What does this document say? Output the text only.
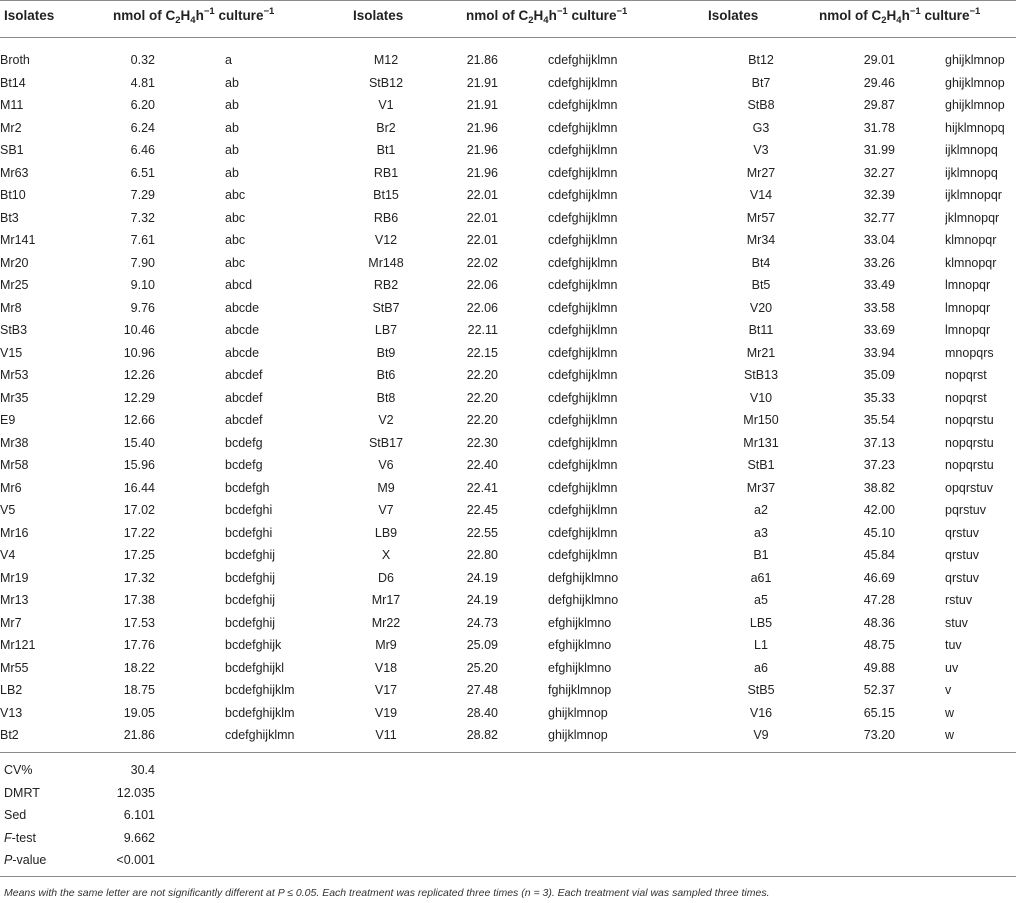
Isolates	nmol of $C_2H_4h^{-1}$ culture$^{-1}$	Isolates	nmol of $C_2H_4h^{-1}$ culture$^{-1}$	Isolates	nmol of $C_2H_4h^{-1}$ culture$^{-1}$
Broth	0.32		a	M12	21.86		cdefghijklmn	Bt12	29.01		ghijklmnop
Bt14	4.81		ab	StB12	21.91		cdefghijklmn	Bt7	29.46		ghijklmnop
M11	6.20		ab	V1	21.91		cdefghijklmn	StB8	29.87		ghijklmnop
Mr2	6.24		ab	Br2	21.96		cdefghijklmn	G3	31.78		hijklmnopq
SB1	6.46		ab	Bt1	21.96		cdefghijklmn	V3	31.99		ijklmnopq
Mr63	6.51		ab	RB1	21.96		cdefghijklmn	Mr27	32.27		ijklmnopq
Bt10	7.29		abc	Bt15	22.01		cdefghijklmn	V14	32.39		ijklmnopqr
Bt3	7.32		abc	RB6	22.01		cdefghijklmn	Mr57	32.77		jklmnopqr
Mr141	7.61		abc	V12	22.01		cdefghijklmn	Mr34	33.04		klmnopqr
Mr20	7.90		abc	Mr148	22.02		cdefghijklmn	Bt4	33.26		klmnopqr
Mr25	9.10		abcd	RB2	22.06		cdefghijklmn	Bt5	33.49		lmnopqr
Mr8	9.76		abcde	StB7	22.06		cdefghijklmn	V20	33.58		lmnopqr
StB3	10.46		abcde	LB7	22.11		cdefghijklmn	Bt11	33.69		lmnopqr
V15	10.96		abcde	Bt9	22.15		cdefghijklmn	Mr21	33.94		mnopqrs
Mr53	12.26		abcdef	Bt6	22.20		cdefghijklmn	StB13	35.09		nopqrst
Mr35	12.29		abcdef	Bt8	22.20		cdefghijklmn	V10	35.33		nopqrst
E9	12.66		abcdef	V2	22.20		cdefghijklmn	Mr150	35.54		nopqrstu
Mr38	15.40		bcdefg	StB17	22.30		cdefghijklmn	Mr131	37.13		nopqrstu
Mr58	15.96		bcdefg	V6	22.40		cdefghijklmn	StB1	37.23		nopqrstu
Mr6	16.44		bcdefgh	M9	22.41		cdefghijklmn	Mr37	38.82		opqrstuv
V5	17.02		bcdefghi	V7	22.45		cdefghijklmn	a2	42.00		pqrstuv
Mr16	17.22		bcdefghi	LB9	22.55		cdefghijklmn	a3	45.10		qrstuv
V4	17.25		bcdefghij	X	22.80		cdefghijklmn	B1	45.84		qrstuv
Mr19	17.32		bcdefghij	D6	24.19		defghijklmno	a61	46.69		qrstuv
Mr13	17.38		bcdefghij	Mr17	24.19		defghijklmno	a5	47.28		rstuv
Mr7	17.53		bcdefghij	Mr22	24.73		efghijklmno	LB5	48.36		stuv
Mr121	17.76		bcdefghijk	Mr9	25.09		efghijklmno	L1	48.75		tuv
Mr55	18.22		bcdefghijkl	V18	25.20		efghijklmno	a6	49.88		uv
LB2	18.75		bcdefghijklm	V17	27.48		fghijklmnop	StB5	52.37		v
V13	19.05		bcdefghijklm	V19	28.40		ghijklmnop	V16	65.15		w
Bt2	21.86		cdefghijklmn	V11	28.82		ghijklmnop	V9	73.20		w
CV%	30.4
DMRT	12.035
Sed	6.101
F-test	9.662
P-value	<0.001
Means with the same letter are not significantly different at P ≤ 0.05. Each treatment was replicated three times (n = 3). Each treatment vial was sampled three times.
